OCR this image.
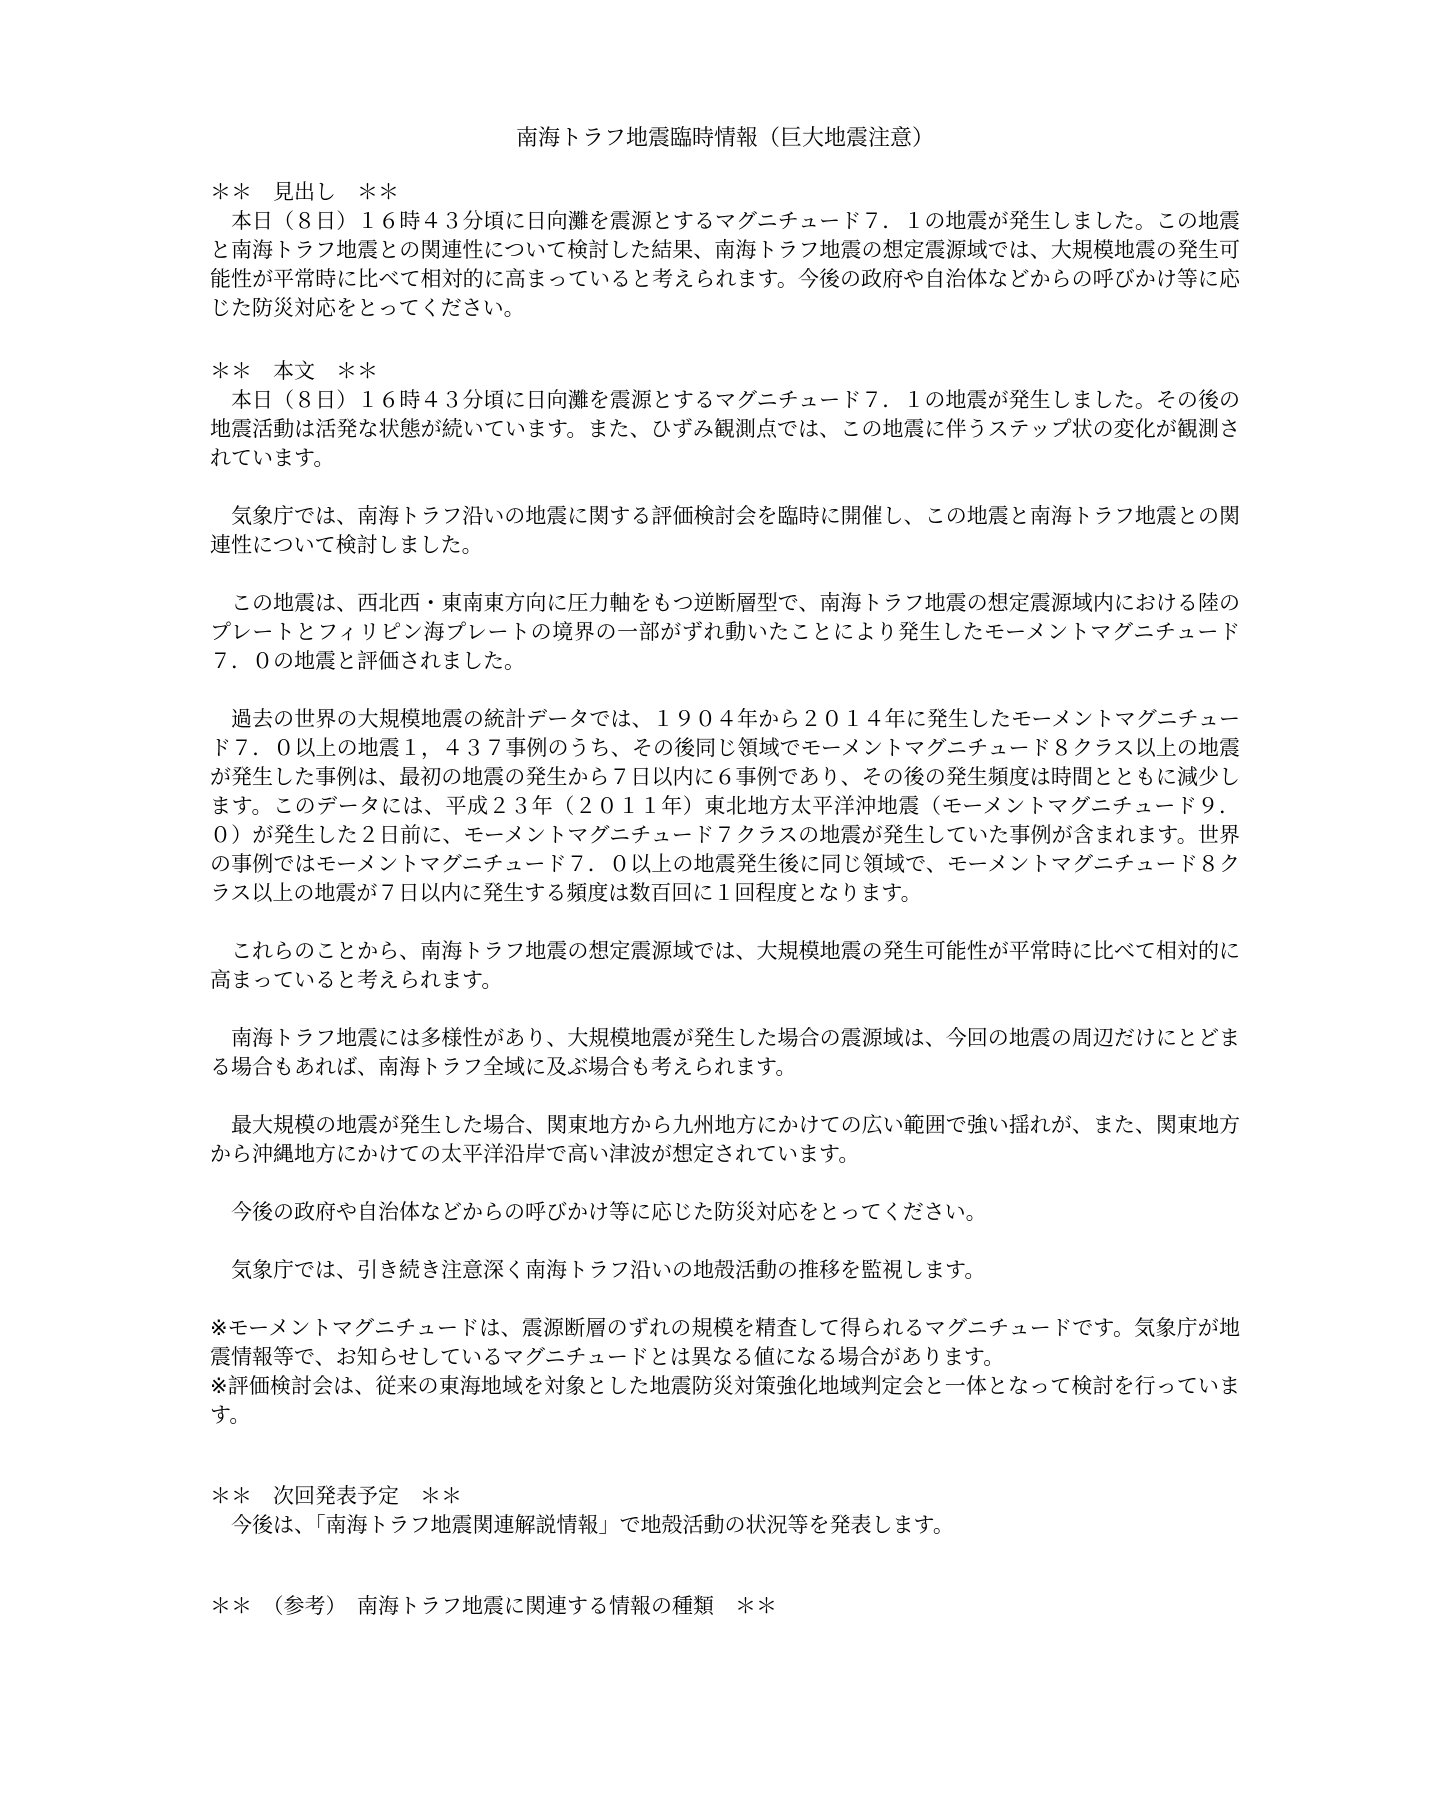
南海トラフ地震臨時情報（巨大地震注意）

＊＊　見出し　＊＊

本日（８日）１６時４３分頃に日向灘を震源とするマグニチュード７．１の地震が発生しました。この地震と南海トラフ地震との関連性について検討した結果、南海トラフ地震の想定震源域では、大規模地震の発生可能性が平常時に比べて相対的に高まっていると考えられます。今後の政府や自治体などからの呼びかけ等に応じた防災対応をとってください。

＊＊　本文　＊＊

本日（８日）１６時４３分頃に日向灘を震源とするマグニチュード７．１の地震が発生しました。その後の地震活動は活発な状態が続いています。また、ひずみ観測点では、この地震に伴うステップ状の変化が観測されています。

気象庁では、南海トラフ沿いの地震に関する評価検討会を臨時に開催し、この地震と南海トラフ地震との関連性について検討しました。

この地震は、西北西・東南東方向に圧力軸をもつ逆断層型で、南海トラフ地震の想定震源域内における陸のプレートとフィリピン海プレートの境界の一部がずれ動いたことにより発生したモーメントマグニチュード７．０の地震と評価されました。

過去の世界の大規模地震の統計データでは、１９０４年から２０１４年に発生したモーメントマグニチュード７．０以上の地震１，４３７事例のうち、その後同じ領域でモーメントマグニチュード８クラス以上の地震が発生した事例は、最初の地震の発生から７日以内に６事例であり、その後の発生頻度は時間とともに減少します。このデータには、平成２３年（２０１１年）東北地方太平洋沖地震（モーメントマグニチュード９．０）が発生した２日前に、モーメントマグニチュード７クラスの地震が発生していた事例が含まれます。世界の事例ではモーメントマグニチュード７．０以上の地震発生後に同じ領域で、モーメントマグニチュード８クラス以上の地震が７日以内に発生する頻度は数百回に１回程度となります。

これらのことから、南海トラフ地震の想定震源域では、大規模地震の発生可能性が平常時に比べて相対的に高まっていると考えられます。

南海トラフ地震には多様性があり、大規模地震が発生した場合の震源域は、今回の地震の周辺だけにとどまる場合もあれば、南海トラフ全域に及ぶ場合も考えられます。

最大規模の地震が発生した場合、関東地方から九州地方にかけての広い範囲で強い揺れが、また、関東地方から沖縄地方にかけての太平洋沿岸で高い津波が想定されています。

今後の政府や自治体などからの呼びかけ等に応じた防災対応をとってください。

気象庁では、引き続き注意深く南海トラフ沿いの地殻活動の推移を監視します。

※モーメントマグニチュードは、震源断層のずれの規模を精査して得られるマグニチュードです。気象庁が地震情報等で、お知らせしているマグニチュードとは異なる値になる場合があります。

※評価検討会は、従来の東海地域を対象とした地震防災対策強化地域判定会と一体となって検討を行っています。

＊＊　次回発表予定　＊＊

今後は、「南海トラフ地震関連解説情報」で地殻活動の状況等を発表します。

＊＊　（参考）　南海トラフ地震に関連する情報の種類　＊＊
